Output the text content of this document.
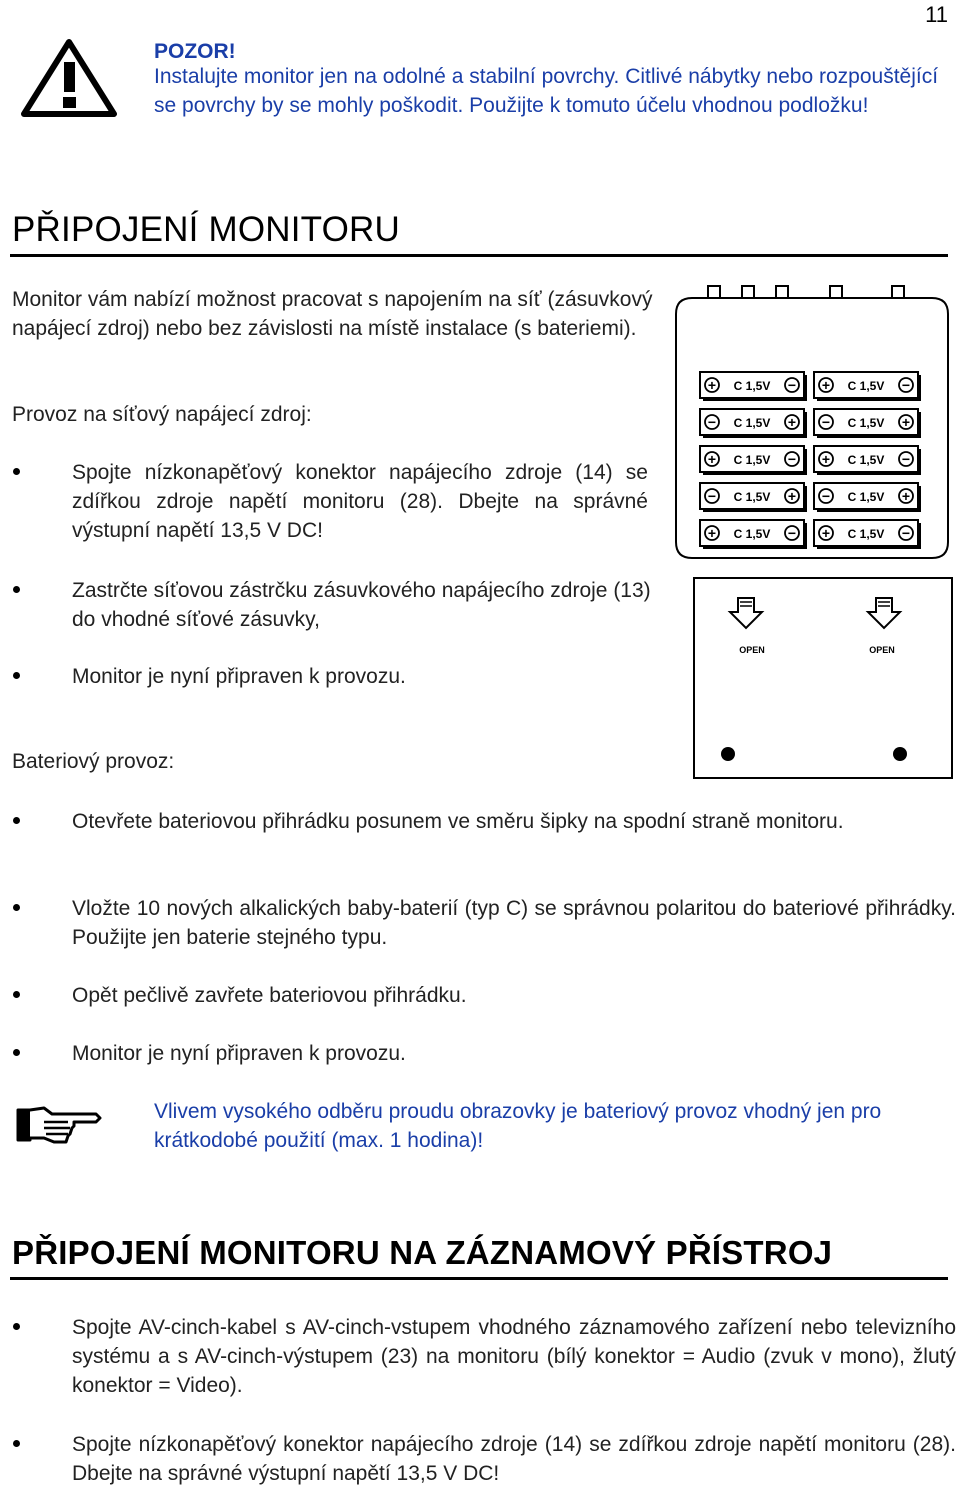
11
POZOR!
Instalujte monitor jen na odolné a stabilní povrchy. Citlivé nábytky nebo rozpouštějící se povrchy by se mohly poškodit. Použijte k tomuto účelu vhodnou podložku!
PŘIPOJENÍ MONITORU
Monitor vám nabízí možnost pracovat s napojením na síť (zásuvkový napájecí zdroj) nebo bez závislosti na místě instalace (s bateriemi).
Provoz na síťový napájecí zdroj:
Spojte nízkonapěťový konektor napájecího zdroje (14) se zdířkou zdroje napětí monitoru (28). Dbejte na správné výstupní napětí 13,5 V DC!
Zastrčte síťovou zástrčku zásuvkového napájecího zdroje (13) do vhodné síťové zásuvky,
Monitor je nyní připraven k provozu.
Bateriový provoz:
Otevřete bateriovou přihrádku posunem ve směru šipky na spodní straně monitoru.
Vložte 10 nových alkalických baby-baterií (typ C) se správnou polaritou do bateriové přihrádky. Použijte jen baterie stejného typu.
Opět pečlivě zavřete bateriovou přihrádku.
Monitor je nyní připraven k provozu.
Vlivem vysokého odběru proudu obrazovky je bateriový provoz vhodný jen pro krátkodobé použití (max. 1 hodina)!
PŘIPOJENÍ MONITORU NA ZÁZNAMOVÝ PŘÍSTROJ
Spojte AV-cinch-kabel s AV-cinch-vstupem vhodného záznamového zařízení nebo televizního systému a s AV-cinch-výstupem (23) na monitoru (bílý konektor = Audio (zvuk v mono), žlutý konektor = Video).
Spojte nízkonapěťový konektor napájecího zdroje (14) se zdířkou zdroje napětí monitoru (28). Dbejte na správné výstupní napětí 13,5 V DC!
+	−
C 1,5V	+	−
C 1,5V
−	+
C 1,5V	−	+
C 1,5V
+	−
C 1,5V	+	−
C 1,5V
−	+
C 1,5V	−	+
C 1,5V
+	−
C 1,5V	+	−
C 1,5V
OPEN	OPEN
